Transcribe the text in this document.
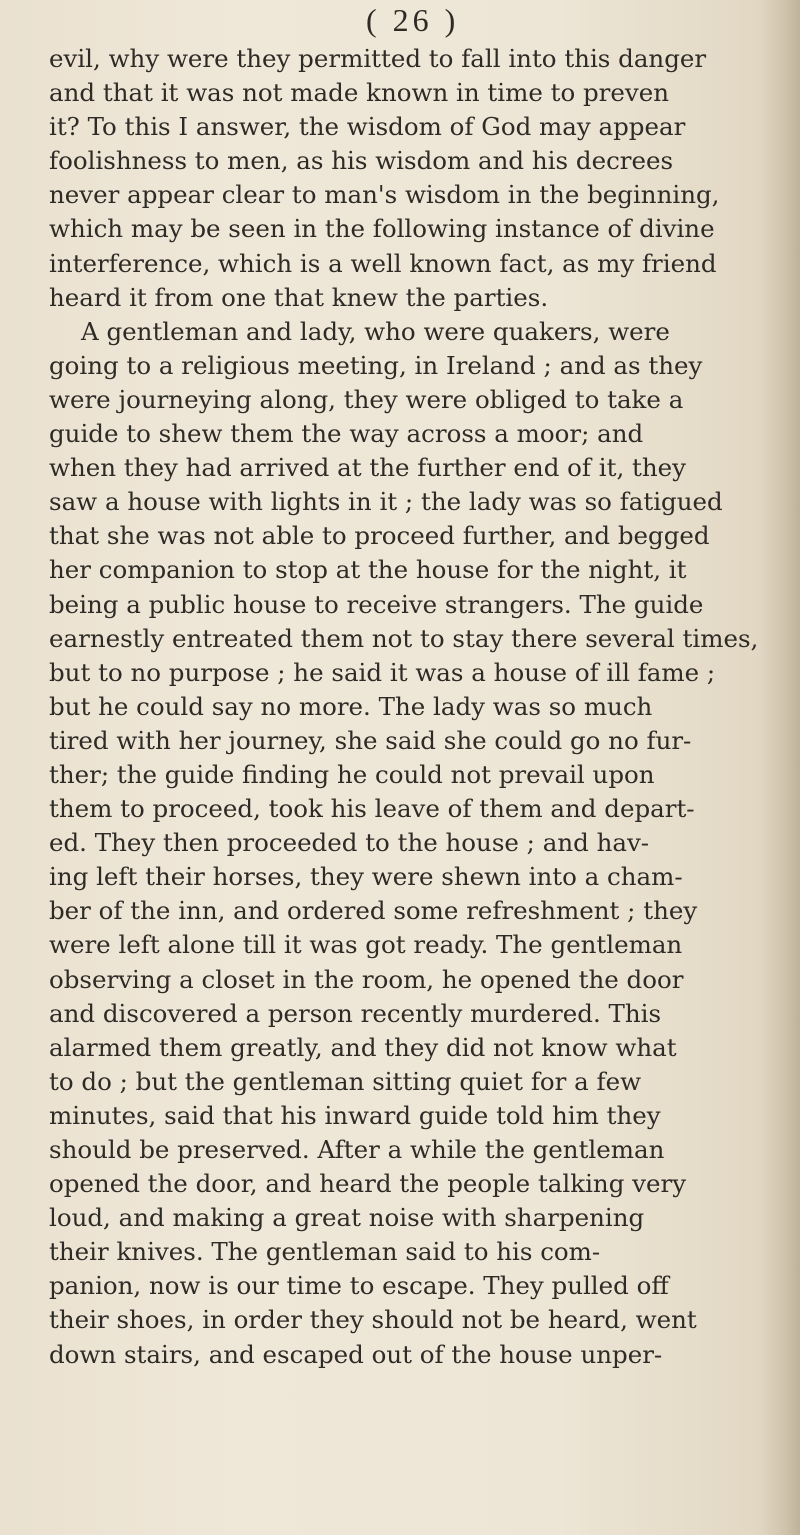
( 26 )
evil, why were they permitted to fall into this danger
and that it was not made known in time to preven
it? To this I answer, the wisdom of God may appear
foolishness to men, as his wisdom and his decrees
never appear clear to man's wisdom in the beginning,
which may be seen in the following instance of divine
interference, which is a well known fact, as my friend
heard it from one that knew the parties.
A gentleman and lady, who were quakers, were
going to a religious meeting, in Ireland ; and as they
were journeying along, they were obliged to take a
guide to shew them the way across a moor; and
when they had arrived at the further end of it, they
saw a house with lights in it ; the lady was so fatigued
that she was not able to proceed further, and begged
her companion to stop at the house for the night, it
being a public house to receive strangers. The guide
earnestly entreated them not to stay there several times,
but to no purpose ; he said it was a house of ill fame ;
but he could say no more. The lady was so much
tired with her journey, she said she could go no fur-
ther; the guide finding he could not prevail upon
them to proceed, took his leave of them and depart-
ed. They then proceeded to the house ; and hav-
ing left their horses, they were shewn into a cham-
ber of the inn, and ordered some refreshment ; they
were left alone till it was got ready. The gentleman
observing a closet in the room, he opened the door
and discovered a person recently murdered. This
alarmed them greatly, and they did not know what
to do ; but the gentleman sitting quiet for a few
minutes, said that his inward guide told him they
should be preserved. After a while the gentleman
opened the door, and heard the people talking very
loud, and making a great noise with sharpening
their knives. The gentleman said to his com-
panion, now is our time to escape. They pulled off
their shoes, in order they should not be heard, went
down stairs, and escaped out of the house unper-
